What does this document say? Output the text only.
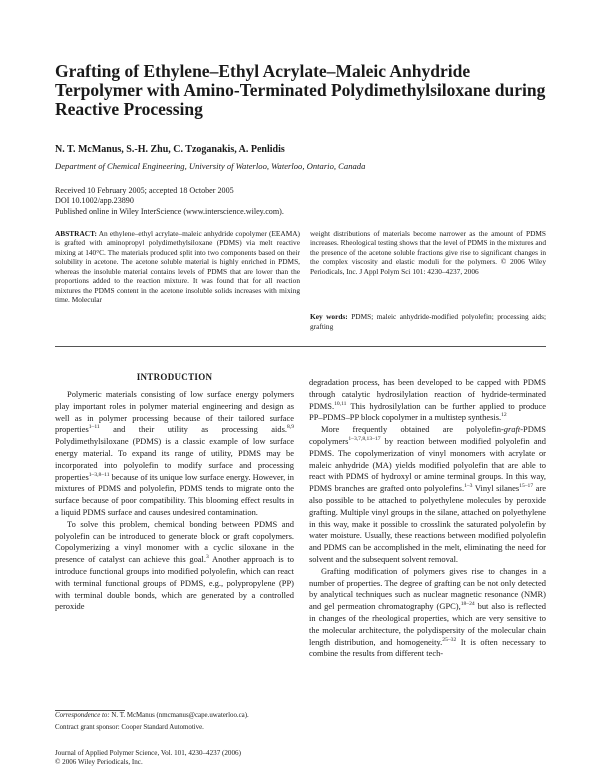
Grafting of Ethylene–Ethyl Acrylate–Maleic Anhydride Terpolymer with Amino-Terminated Polydimethylsiloxane during Reactive Processing

N. T. McManus, S.-H. Zhu, C. Tzoganakis, A. Penlidis

Department of Chemical Engineering, University of Waterloo, Waterloo, Ontario, Canada

Received 10 February 2005; accepted 18 October 2005
DOI 10.1002/app.23890
Published online in Wiley InterScience (www.interscience.wiley.com).
ABSTRACT: An ethylene–ethyl acrylate–maleic anhydride copolymer (EEAMA) is grafted with aminopropyl polydimethylsiloxane (PDMS) via melt reactive mixing at 140°C. The materials produced split into two components based on their solubility in acetone. The acetone soluble material is highly enriched in PDMS, whereas the insoluble material contains levels of PDMS that are lower than the proportions added to the reaction mixture. It was found that for all reaction mixtures the PDMS content in the acetone insoluble solids increases with mixing time. Molecular
weight distributions of materials become narrower as the amount of PDMS increases. Rheological testing shows that the level of PDMS in the mixtures and the presence of the acetone soluble fractions give rise to significant changes in the complex viscosity and elastic moduli for the polymers. © 2006 Wiley Periodicals, Inc. J Appl Polym Sci 101: 4230–4237, 2006
Key words: PDMS; maleic anhydride-modified polyolefin; processing aids; grafting
INTRODUCTION

Polymeric materials consisting of low surface energy polymers play important roles in polymer material engineering and design as well as in polymer processing because of their tailored surface properties$^{1-11}$ and their utility as processing aids.$^{8,9}$ Polydimethylsiloxane (PDMS) is a classic example of low surface energy material. To expand its range of utility, PDMS may be incorporated into polyolefin to modify surface and processing properties$^{1-3,8-11}$ because of its unique low surface energy. However, in mixtures of PDMS and polyolefin, PDMS tends to migrate onto the surface because of poor compatibility. This blooming effect results in a liquid PDMS surface and causes undesired contamination.

To solve this problem, chemical bonding between PDMS and polyolefin can be introduced to generate block or graft copolymers. Copolymerizing a vinyl monomer with a cyclic siloxane in the presence of catalyst can achieve this goal.$^3$ Another approach is to introduce functional groups into modified polyolefin, which can react with terminal functional groups of PDMS, e.g., polypropylene (PP) with terminal double bonds, which are generated by a controlled peroxide

degradation process, has been developed to be capped with PDMS through catalytic hydrosilylation reaction of hydride-terminated PDMS.$^{10,11}$ This hydrosilylation can be further applied to produce PP–PDMS–PP block copolymer in a multistep synthesis.$^{12}$

More frequently obtained are polyolefin-graft-PDMS copolymers$^{1-3,7,8,13-17}$ by reaction between modified polyolefin and PDMS. The copolymerization of vinyl monomers with acrylate or maleic anhydride (MA) yields modified polyolefin that are able to react with PDMS of hydroxyl or amine terminal groups. In this way, PDMS branches are grafted onto polyolefins.$^{1-3}$ Vinyl silanes$^{15-17}$ are also possible to be attached to polyethylene molecules by peroxide grafting. Multiple vinyl groups in the silane, attached on polyethylene in this way, make it possible to crosslink the saturated polyolefin by water moisture. Usually, these reactions between modified polyolefin and PDMS can be accomplished in the melt, eliminating the need for solvent and the subsequent solvent removal.

Grafting modification of polymers gives rise to changes in a number of properties. The degree of grafting can be not only detected by analytical techniques such as nuclear magnetic resonance (NMR) and gel permeation chromatography (GPC),$^{18-24}$ but also is reflected in changes of the rheological properties, which are very sensitive to the molecular architecture, the polydispersity of the molecular chain length distribution, and homogeneity.$^{25-32}$ It is often necessary to combine the results from different tech-

Correspondence to: N. T. McManus (nmcmanus@cape.uwaterloo.ca).
Contract grant sponsor: Cooper Standard Automotive.
Journal of Applied Polymer Science, Vol. 101, 4230–4237 (2006)
© 2006 Wiley Periodicals, Inc.
